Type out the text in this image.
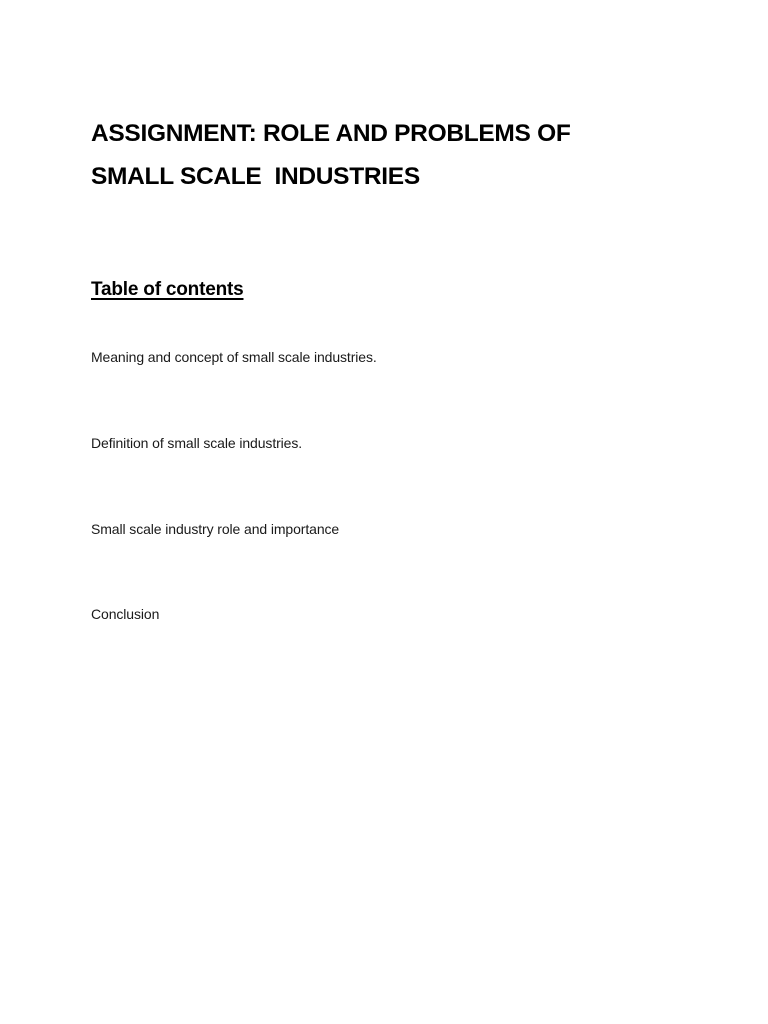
ASSIGNMENT: ROLE AND PROBLEMS OF
SMALL SCALE  INDUSTRIES
Table of contents
Meaning and concept of small scale industries.
Definition of small scale industries.
Small scale industry role and importance
Conclusion
